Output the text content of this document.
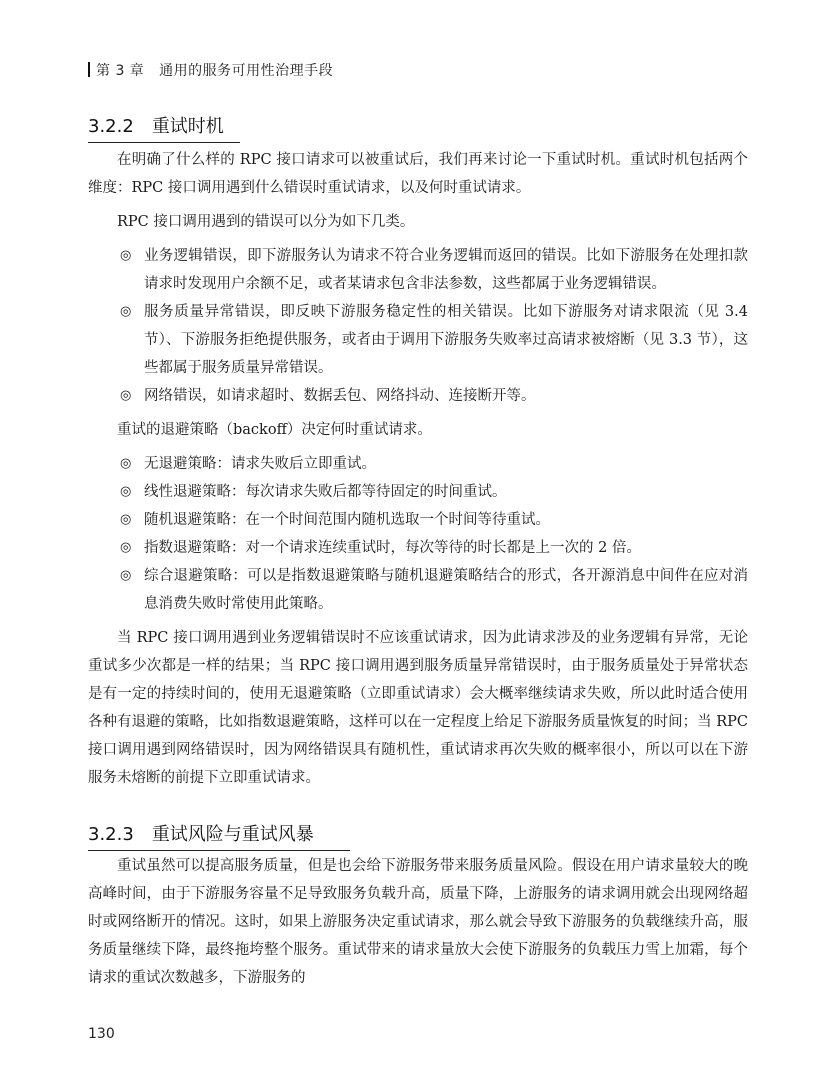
第 3 章 通用的服务可用性治理手段
3.2.2 重试时机

在明确了什么样的 RPC 接口请求可以被重试后，我们再来讨论一下重试时机。重试时机包括两个维度：RPC 接口调用遇到什么错误时重试请求，以及何时重试请求。

RPC 接口调用遇到的错误可以分为如下几类。

◎ 业务逻辑错误，即下游服务认为请求不符合业务逻辑而返回的错误。比如下游服务在处理扣款请求时发现用户余额不足，或者某请求包含非法参数，这些都属于业务逻辑错误。
◎ 服务质量异常错误，即反映下游服务稳定性的相关错误。比如下游服务对请求限流（见 3.4 节）、下游服务拒绝提供服务，或者由于调用下游服务失败率过高请求被熔断（见 3.3 节），这些都属于服务质量异常错误。
◎ 网络错误，如请求超时、数据丢包、网络抖动、连接断开等。

重试的退避策略（backoff）决定何时重试请求。

◎ 无退避策略：请求失败后立即重试。
◎ 线性退避策略：每次请求失败后都等待固定的时间重试。
◎ 随机退避策略：在一个时间范围内随机选取一个时间等待重试。
◎ 指数退避策略：对一个请求连续重试时，每次等待的时长都是上一次的 2 倍。
◎ 综合退避策略：可以是指数退避策略与随机退避策略结合的形式，各开源消息中间件在应对消息消费失败时常使用此策略。

当 RPC 接口调用遇到业务逻辑错误时不应该重试请求，因为此请求涉及的业务逻辑有异常，无论重试多少次都是一样的结果；当 RPC 接口调用遇到服务质量异常错误时，由于服务质量处于异常状态是有一定的持续时间的，使用无退避策略（立即重试请求）会大概率继续请求失败，所以此时适合使用各种有退避的策略，比如指数退避策略，这样可以在一定程度上给足下游服务质量恢复的时间；当 RPC 接口调用遇到网络错误时，因为网络错误具有随机性，重试请求再次失败的概率很小，所以可以在下游服务未熔断的前提下立即重试请求。

3.2.3 重试风险与重试风暴

重试虽然可以提高服务质量，但是也会给下游服务带来服务质量风险。假设在用户请求量较大的晚高峰时间，由于下游服务容量不足导致服务负载升高，质量下降，上游服务的请求调用就会出现网络超时或网络断开的情况。这时，如果上游服务决定重试请求，那么就会导致下游服务的负载继续升高，服务质量继续下降，最终拖垮整个服务。重试带来的请求量放大会使下游服务的负载压力雪上加霜，每个请求的重试次数越多，下游服务的

130
